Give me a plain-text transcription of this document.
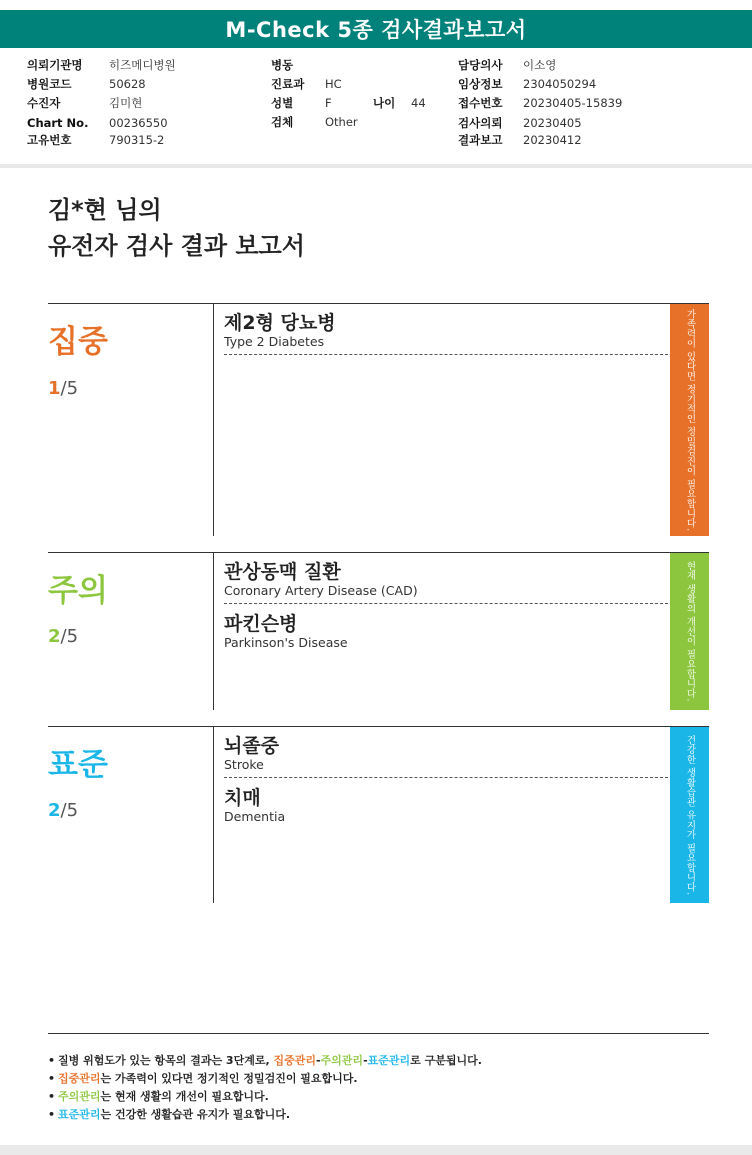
M-Check 5종 검사결과보고서
의뢰기관명 히즈메디병원
병원코드	50628
수진자	김미현
Chart No. 00236550
고유번호	790315-2
병동
진료과 HC
성별	F	나이 44
검체	Other
담당의사 이소영
임상정보 2304050294
접수번호 20230405-15839
검사의뢰 20230405
결과보고 20230412
김*현 님의
유전자 검사 결과 보고서
집중
1/5
제2형 당뇨병
Type 2 Diabetes	가족력이 있다면 정기적인 정밀검진이 필요합니다.
주의
2/5
관상동맥 질환
Coronary Artery Disease (CAD)
파킨슨병
Parkinson's Disease	현재 생활의 개선이 필요합니다.
표준
2/5
뇌졸중
Stroke
치매
Dementia	건강한 생활습관 유지가 필요합니다.
• 질병 위험도가 있는 항목의 결과는 3단계로, 집중관리-주의관리-표준관리로 구분됩니다.
• 집중관리는 가족력이 있다면 정기적인 정밀검진이 필요합니다.
• 주의관리는 현재 생활의 개선이 필요합니다.
• 표준관리는 건강한 생활습관 유지가 필요합니다.
